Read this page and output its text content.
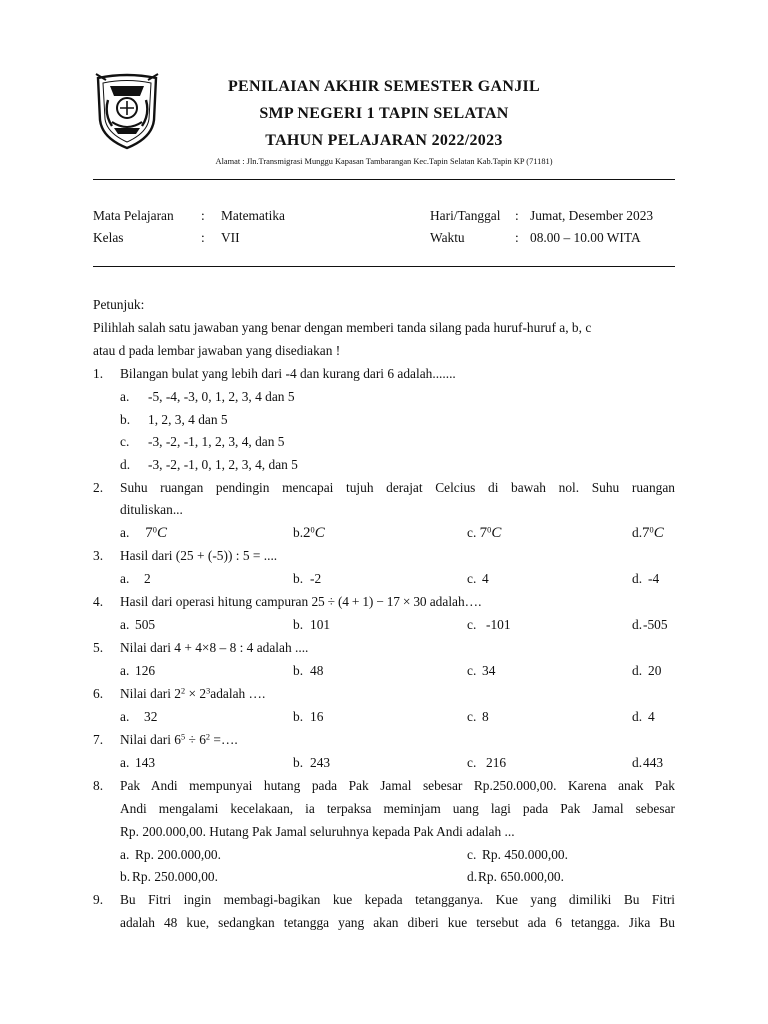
PENILAIAN AKHIR SEMESTER GANJIL
SMP NEGERI 1 TAPIN SELATAN
TAHUN PELAJARAN 2022/2023
Alamat : Jln.Transmigrasi Munggu Kapasan Tambarangan Kec.Tapin Selatan Kab.Tapin KP (71181)
Mata Pelajaran : Matematika
Kelas	: VII
Hari/Tanggal : Jumat, Desember 2023
Waktu	: 08.00 – 10.00 WITA
Petunjuk:
Pilihlah salah satu jawaban yang benar dengan memberi tanda silang pada huruf-huruf a, b, c
atau d pada lembar jawaban yang disediakan !
1. Bilangan bulat yang lebih dari -4 dan kurang dari 6 adalah.......
a. -5, -4, -3, 0, 1, 2, 3, 4 dan 5
b. 1, 2, 3, 4 dan 5
c. -3, -2, -1, 1, 2, 3, 4, dan 5
d. -3, -2, -1, 0, 1, 2, 3, 4, dan 5
2. Suhu ruangan pendingin mencapai tujuh derajat Celcius di bawah nol. Suhu ruangan
dituliskan...
a. $7^0C$	$b.2^0C$	c. $7^0C$	$d.7^0C$
3. Hasil dari (25 + (-5)) : 5 = ....
a. 2	b. -2	c. 4	d. -4
4. Hasil dari operasi hitung campuran 25 ÷ (4 + 1) − 17 × 30 adalah….
a. 505	b. 101	c. -101	d. -505
5. Nilai dari 4 + 4×8 – 8 : 4 adalah ....
a. 126	b. 48	c. 34	d. 20
6. Nilai dari $2^2$ × $2^3adalah$ ….
a. 32	b. 16	c. 8	d. 4
7. Nilai dari $6^5 \div 6^2$ =….
a. 143	b. 243	c. 216	d. 443
8. Pak Andi mempunyai hutang pada Pak Jamal sebesar Rp.250.000,00. Karena anak Pak
Andi mengalami kecelakaan, ia terpaksa meminjam uang lagi pada Pak Jamal sebesar
Rp. 200.000,00. Hutang Pak Jamal seluruhnya kepada Pak Andi adalah ...
a. Rp. 200.000,00.	c. Rp. 450.000,00.
b. Rp. 250.000,00.	d. Rp. 650.000,00.
9. Bu Fitri ingin membagi-bagikan kue kepada tetangganya. Kue yang dimiliki Bu Fitri
adalah 48 kue, sedangkan tetangga yang akan diberi kue tersebut ada 6 tetangga. Jika Bu
